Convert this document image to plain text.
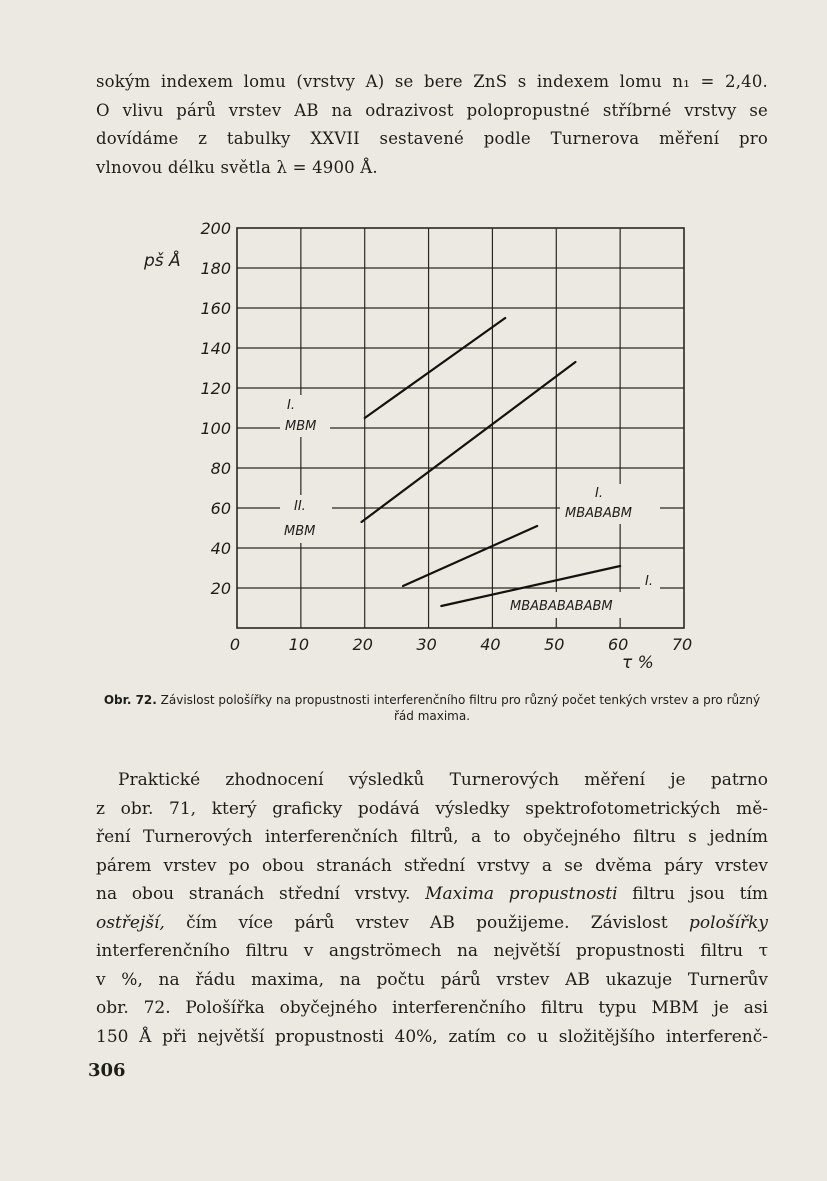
sokým indexem lomu (vrstvy A) se bere ZnS s indexem lomu n₁ = 2,40.
O vlivu párů vrstev AB na odrazivost polopropustné stříbrné vrstvy se
dovídáme z tabulky XXVII sestavené podle Turnerova měření pro
vlnovou délku světla λ = 4900 Å.
200
180
160
140
120
100
80
60
40
20
0	10	20	30	40	50	60	70
pš Å
τ %
I.
MBM
II.
MBM
I.
MBABABM
I.
MBABABABABM
Obr. 72. Závislost pološířky na propustnosti interferenčního filtru pro různý počet tenkých vrstev a pro různý řád maxima.
Praktické zhodnocení výsledků Turnerových měření je patrno
z obr. 71, který graficky podává výsledky spektrofotometrických mě-
ření Turnerových interferenčních filtrů, a to obyčejného filtru s jedním
párem vrstev po obou stranách střední vrstvy a se dvěma páry vrstev
na obou stranách střední vrstvy. Maxima propustnosti filtru jsou tím
ostřejší, čím více párů vrstev AB použijeme. Závislost pološířky
interferenčního filtru v angströmech na největší propustnosti filtru τ
v %, na řádu maxima, na počtu párů vrstev AB ukazuje Turnerův
obr. 72. Pološířka obyčejného interferenčního filtru typu MBM je asi
150 Å při největší propustnosti 40%, zatím co u složitějšího interferenč-
306
